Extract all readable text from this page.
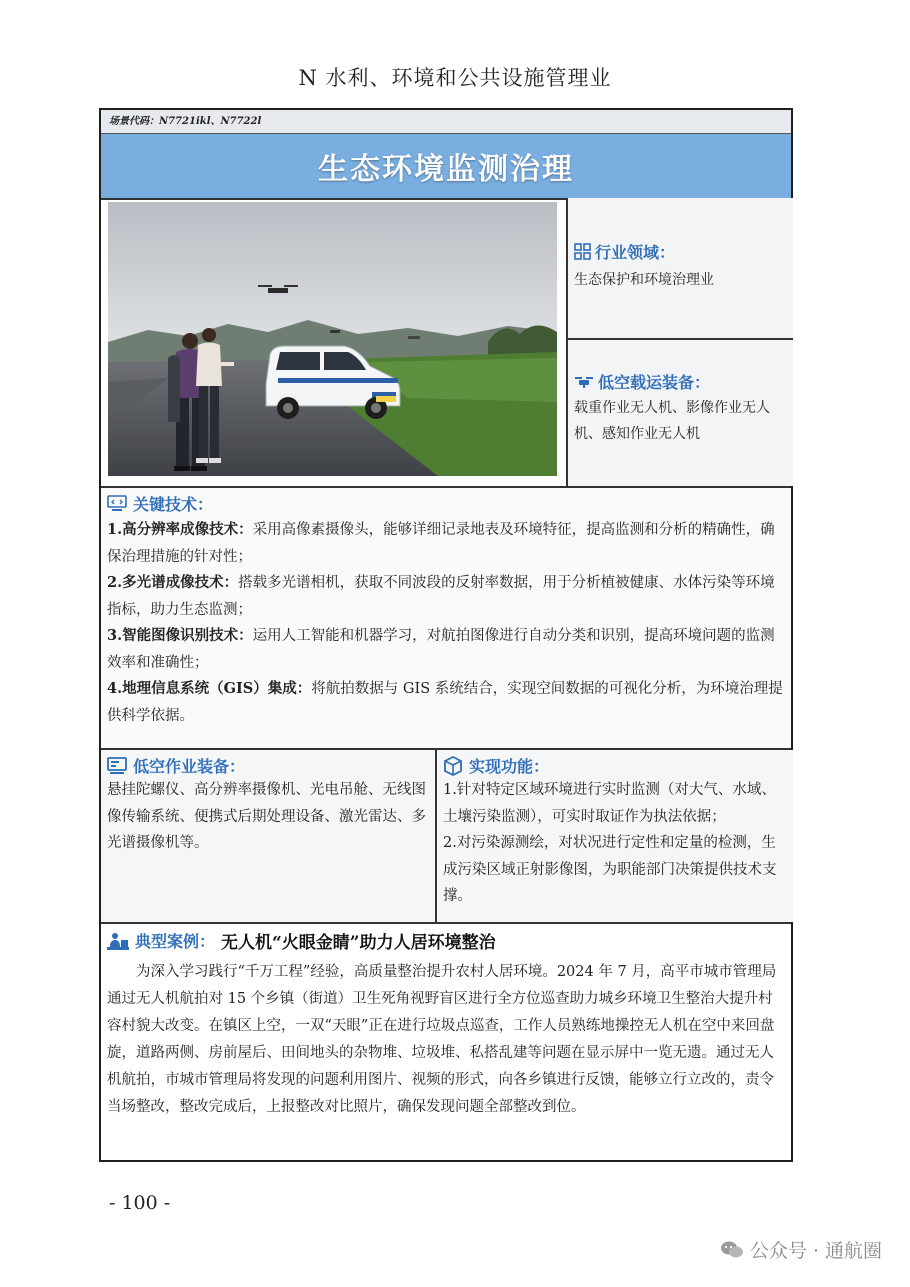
N 水利、环境和公共设施管理业
场景代码：N7721ikl、N7722l
生态环境监测治理
行业领域：
生态保护和环境治理业
低空载运装备：
载重作业无人机、影像作业无人机、感知作业无人机
关键技术：

1.高分辨率成像技术：采用高像素摄像头，能够详细记录地表及环境特征，提高监测和分析的精确性，确保治理措施的针对性；

2.多光谱成像技术：搭载多光谱相机，获取不同波段的反射率数据，用于分析植被健康、水体污染等环境指标，助力生态监测；

3.智能图像识别技术：运用人工智能和机器学习，对航拍图像进行自动分类和识别，提高环境问题的监测效率和准确性；

4.地理信息系统（GIS）集成：将航拍数据与 GIS 系统结合，实现空间数据的可视化分析，为环境治理提供科学依据。

低空作业装备：
悬挂陀螺仪、高分辨率摄像机、光电吊舱、无线图像传输系统、便携式后期处理设备、激光雷达、多光谱摄像机等。
实现功能：
1.针对特定区域环境进行实时监测（对大气、水域、土壤污染监测），可实时取证作为执法依据；
2.对污染源测绘，对状况进行定性和定量的检测，生成污染区域正射影像图，为职能部门决策提供技术支撑。
典型案例： 无人机“火眼金睛”助力人居环境整治
为深入学习践行“千万工程”经验，高质量整治提升农村人居环境。2024 年 7 月，高平市城市管理局通过无人机航拍对 15 个乡镇（街道）卫生死角视野盲区进行全方位巡查助力城乡环境卫生整治大提升村容村貌大改变。在镇区上空，一双“天眼”正在进行垃圾点巡查，工作人员熟练地操控无人机在空中来回盘旋，道路两侧、房前屋后、田间地头的杂物堆、垃圾堆、私搭乱建等问题在显示屏中一览无遗。通过无人机航拍，市城市管理局将发现的问题利用图片、视频的形式，向各乡镇进行反馈，能够立行立改的，责令当场整改，整改完成后，上报整改对比照片，确保发现问题全部整改到位。
- 100 -
公众号 · 通航圈
